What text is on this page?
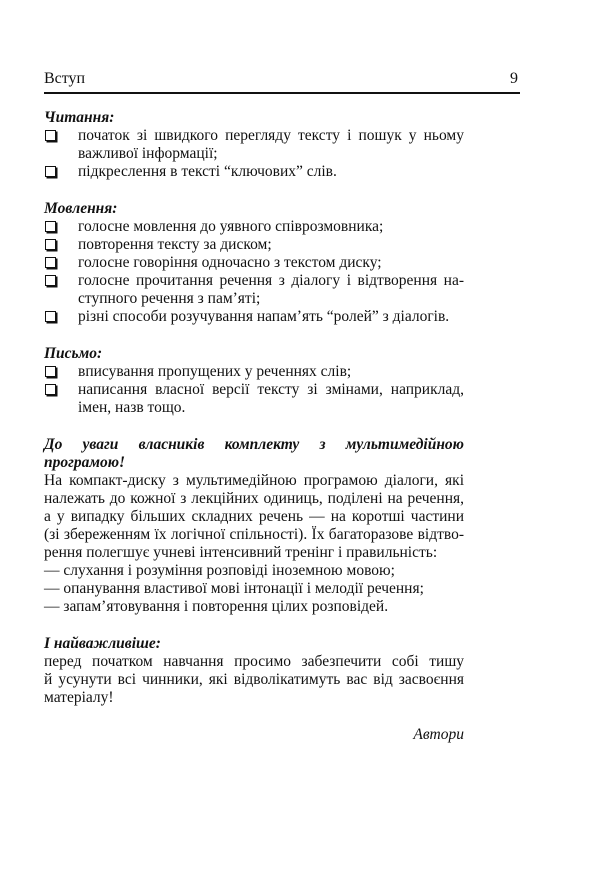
Вступ	9
Читання:
початок зі швидкого перегляду тексту і пошук у ньому
важливої інформації;
підкреслення в тексті “ключових” слів.
Мовлення:
голосне мовлення до уявного співрозмовника;
повторення тексту за диском;
голосне говоріння одночасно з текстом диску;
голосне прочитання речення з діалогу і відтворення на-
ступного речення з пам’яті;
різні способи розучування напам’ять “ролей” з діалогів.
Письмо:
вписування пропущених у реченнях слів;
написання власної версії тексту зі змінами, наприклад,
імен, назв тощо.
До уваги власників комплекту з мультимедійною програмою!
На компакт-диску з мультимедійною програмою діалоги, які
належать до кожної з лекційних одиниць, поділені на речення,
а у випадку більших складних речень — на коротші частини
(зі збереженням їх логічної спільності). Їх багаторазове відтво-
рення полегшує учневі інтенсивний тренінг і правильність:
— слухання і розуміння розповіді іноземною мовою;
— опанування властивої мові інтонації і мелодії речення;
— запам’ятовування і повторення цілих розповідей.
І найважливіше:
перед початком навчання просимо забезпечити собі тишу
й усунути всі чинники, які відволікатимуть вас від засвоєння
матеріалу!
Автори
